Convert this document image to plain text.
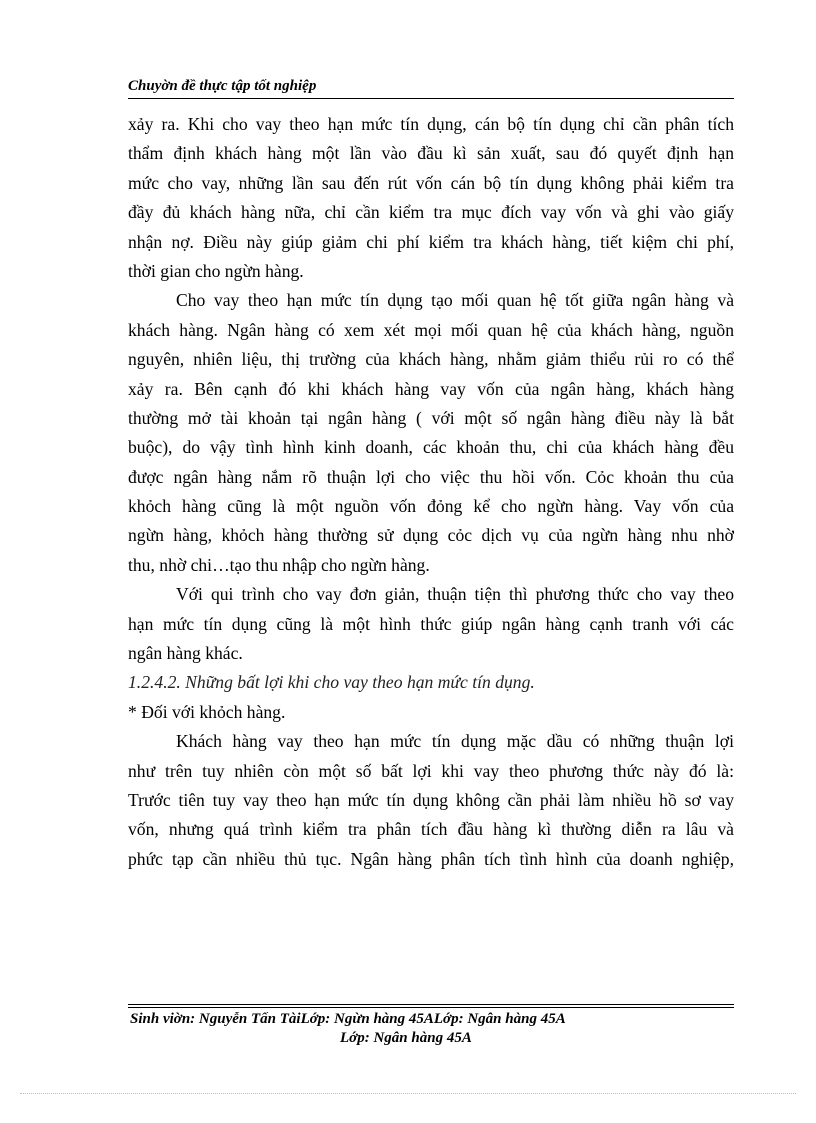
Chuyờn đề thực tập tốt nghiệp
xảy ra. Khi cho vay theo hạn mức tín dụng, cán bộ tín dụng chỉ cần phân tích
thẩm định khách hàng một lần vào đầu kì sản xuất, sau đó quyết định hạn
mức cho vay, những lần sau đến rút vốn cán bộ tín dụng không phải kiểm tra
đầy đủ khách hàng nữa, chỉ cần kiểm tra mục đích vay vốn và ghi vào giấy
nhận nợ. Điều này giúp giảm chi phí kiểm tra khách hàng, tiết kiệm chi phí,
thời gian cho ngừn hàng.
Cho vay theo hạn mức tín dụng tạo mối quan hệ tốt giữa ngân hàng và
khách hàng. Ngân hàng có xem xét mọi mối quan hệ của khách hàng, nguồn
nguyên, nhiên liệu, thị trường của khách hàng, nhằm giảm thiểu rủi ro có thể
xảy ra. Bên cạnh đó khi khách hàng vay vốn của ngân hàng, khách hàng
thường mở tài khoản tại ngân hàng ( với một số ngân hàng điều này là bắt
buộc), do vậy tình hình kinh doanh, các khoản thu, chi của khách hàng đều
được ngân hàng nắm rõ thuận lợi cho việc thu hồi vốn. Cỏc khoản thu của
khỏch hàng cũng là một nguồn vốn đỏng kể cho ngừn hàng. Vay vốn của
ngừn hàng, khỏch hàng thường sử dụng cỏc dịch vụ của ngừn hàng nhu nhờ
thu, nhờ chi…tạo thu nhập cho ngừn hàng.
Với qui trình cho vay đơn giản, thuận tiện thì phương thức cho vay theo
hạn mức tín dụng cũng là một hình thức giúp ngân hàng cạnh tranh với các
ngân hàng khác.
1.2.4.2. Những bất lợi khi cho vay theo hạn mức tín dụng.
* Đối với khỏch hàng.
Khách hàng vay theo hạn mức tín dụng mặc dầu có những thuận lợi
như trên tuy nhiên còn một số bất lợi khi vay theo phương thức này đó là:
Trước tiên tuy vay theo hạn mức tín dụng không cần phải làm nhiều hồ sơ vay
vốn, nhưng quá trình kiểm tra phân tích đầu hàng kì thường diễn ra lâu và
phức tạp cần nhiều thủ tục. Ngân hàng phân tích tình hình của doanh nghiệp,
Sinh viờn: Nguyễn Tấn TàiLớp: Ngừn hàng 45ALớp: Ngân hàng 45A
Lớp: Ngân hàng 45A
